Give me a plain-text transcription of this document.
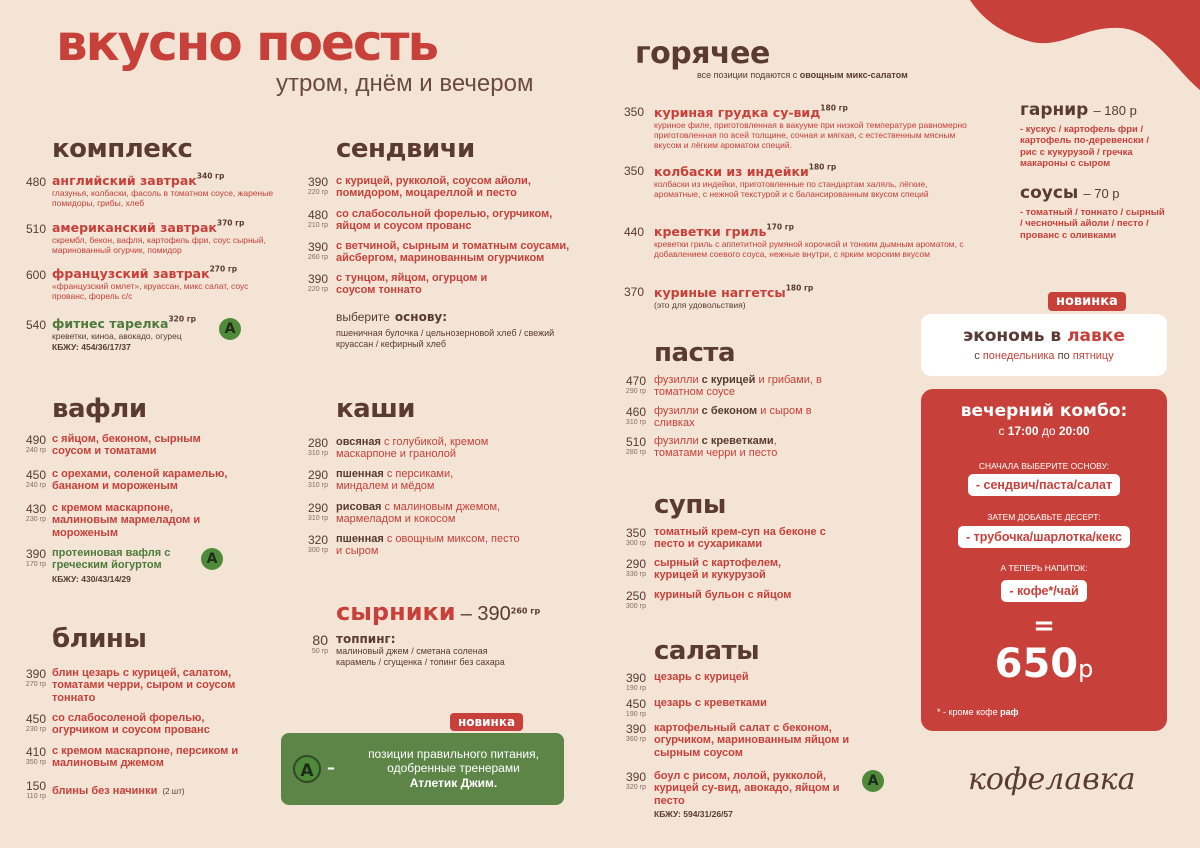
вкусно поесть
утром, днём и вечером
комплекс
480 английский завтрак$^{340 гр}$
глазунья, колбаски, фасоль в томатном соусе, жареные помидоры, грибы, хлеб
510 американский завтрак$^{370 гр}$
скрембл, бекон, вафля, картофель фри, соус сырный, маринованный огурчик, помидор
600 французский завтрак$^{270 гр}$
«французский омлет», круассан, микс салат, соус прованс, форель с/с
540 фитнес тарелка$^{320 гр}$
креветки, киноа, авокадо, огурец
КБЖУ: 454/36/17/37
А
вафли
490
240 гр
с яйцом, беконом, сырным соусом и томатами
450
240 гр
с орехами, соленой карамелью, бананом и мороженым
430
230 гр
с кремом маскарпоне, малиновым мармеладом и мороженым
390
170 гр
протеиновая вафля с греческим йогуртом
КБЖУ: 430/43/14/29
А
блины
390
270 гр
блин цезарь с курицей, салатом, томатами черри, сыром и соусом тоннато
450
230 гр
со слабосоленой форелью, огурчиком и соусом прованс
410
350 гр
с кремом маскарпоне, персиком и малиновым джемом
150
110 гр блины без начинки (2 шт)
сендвичи
390
220 гр
с курицей, рукколой, соусом айоли, помидором, моцареллой и песто
480
210 гр
со слабосольной форелью, огурчиком, яйцом и соусом прованс
390
260 гр
с ветчиной, сырным и томатным соусами, айсбергом, маринованным огурчиком
390
220 гр
с тунцом, яйцом, огурцом и соусом тоннато
выберите основу:
пшеничная булочка / цельнозерновой хлеб / свежий круассан / кефирный хлеб
каши
280
310 гр
овсяная с голубикой, кремом маскарпоне и гранолой
290
310 гр
пшенная с персиками, миндалем и мёдом
290
310 гр
рисовая с малиновым джемом, мармеладом и кокосом
320
300 гр
пшенная с овощным миксом, песто и сыром
сырники – $390^{260 гр}$
80
50 гр
топпинг:
малиновый джем / сметана соленая карамель / сгущенка / топинг без сахара
новинка
А –
позиции правильного питания,
одобренные тренерами
Атлетик Джим.
горячее
все позиции подаются с овощным микс-салатом
350 куриная грудка су-вид$^{180 гр}$
куриное филе, приготовленная в вакууме при низкой температуре равномерно приготовленная по всей толщине, сочная и мягкая, с естественным мясным вкусом и лёгким ароматом специй.
350 колбаски из индейки$^{180 гр}$
колбаски из индейки, приготовленные по стандартам халяль, лёгкие, ароматные, с нежной текстурой и с балансированным вкусом специй
440 креветки гриль$^{170 гр}$
креветки гриль с аппетитной румяной корочкой и тонким дымным ароматом, с добавлением соевого соуса, нежные внутри, с ярким морским вкусом
370 куриные наггетсы$^{180 гр}$
(это для удовольствия)
паста
470
290 гр
фузилли с курицей и грибами, в томатном соусе
460
310 гр
фузилли с беконом и сыром в сливках
510
280 гр
фузилли с креветками, томатами черри и песто
супы
350
300 гр
томатный крем-суп на беконе с песто и сухариками
290
330 гр
сырный с картофелем, курицей и кукурузой
250
300 гр
куриный бульон с яйцом
салаты
390
190 гр
цезарь с курицей
450
190 гр
цезарь с креветками
390
360 гр
картофельный салат с беконом, огурчиком, маринованным яйцом и сырным соусом
390
320 гр
боул с рисом, лолой, рукколой, курицей су-вид, авокадо, яйцом и песто
КБЖУ: 594/31/26/57
А
гарнир – 180 р
- кускус / картофель фри / картофель по-деревенски / рис с кукурузой / гречка макароны с сыром
соусы – 70 р
- томатный / тоннато / сырный / чесночный айоли / песто / прованс с оливками
экономь в лавке
с понедельника по пятницу
новинка
вечерний комбо:
с 17:00 до 20:00
СНАЧАЛА ВЫБЕРИТЕ ОСНОВУ:
- сендвич/паста/салат
ЗАТЕМ ДОБАВЬТЕ ДЕСЕРТ:
- трубочка/шарлотка/кекс
А ТЕПЕРЬ НАПИТОК:
- кофе*/чай
=
650р
* - кроме кофе раф
кофелавка
